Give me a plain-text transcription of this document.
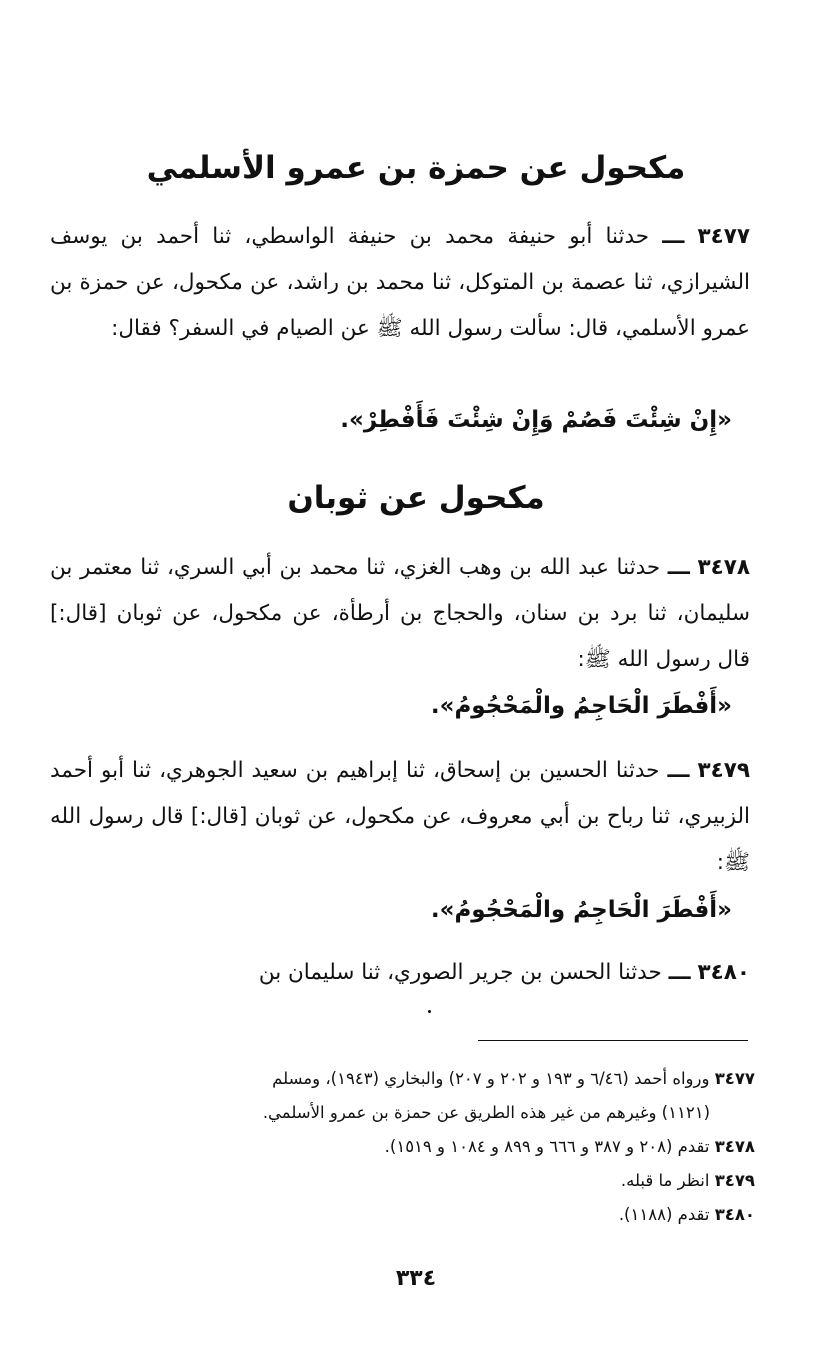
مكحول عن حمزة بن عمرو الأسلمي
٣٤٧٧ ـــ حدثنا أبو حنيفة محمد بن حنيفة الواسطي، ثنا أحمد بن يوسف الشيرازي، ثنا عصمة بن المتوكل، ثنا محمد بن راشد، عن مكحول، عن حمزة بن عمرو الأسلمي، قال: سألت رسول الله ﷺ عن الصيام في السفر؟ فقال:
«إِنْ شِئْتَ فَصُمْ وَإِنْ شِئْتَ فَأَفْطِرْ».
مكحول عن ثوبان
٣٤٧٨ ـــ حدثنا عبد الله بن وهب الغزي، ثنا محمد بن أبي السري، ثنا معتمر بن سليمان، ثنا برد بن سنان، والحجاج بن أرطأة، عن مكحول، عن ثوبان [قال:] قال رسول الله ﷺ:
«أَفْطَرَ الْحَاجِمُ والْمَحْجُومُ».
٣٤٧٩ ـــ حدثنا الحسين بن إسحاق، ثنا إبراهيم بن سعيد الجوهري، ثنا أبو أحمد الزبيري، ثنا رباح بن أبي معروف، عن مكحول، عن ثوبان [قال:] قال رسول الله ﷺ:
«أَفْطَرَ الْحَاجِمُ والْمَحْجُومُ».
٣٤٨٠ ـــ حدثنا الحسن بن جرير الصوري، ثنا سليمان بن
٣٤٧٧ ورواه أحمد (٦/٤٦ و ١٩٣ و ٢٠٢ و ٢٠٧) والبخاري (١٩٤٣)، ومسلم
(١١٢١) وغيرهم من غير هذه الطريق عن حمزة بن عمرو الأسلمي.
٣٤٧٨ تقدم (٢٠٨ و ٣٨٧ و ٦٦٦ و ٨٩٩ و ١٠٨٤ و ١٥١٩).
٣٤٧٩ انظر ما قبله.
٣٤٨٠ تقدم (١١٨٨).
٣٣٤
